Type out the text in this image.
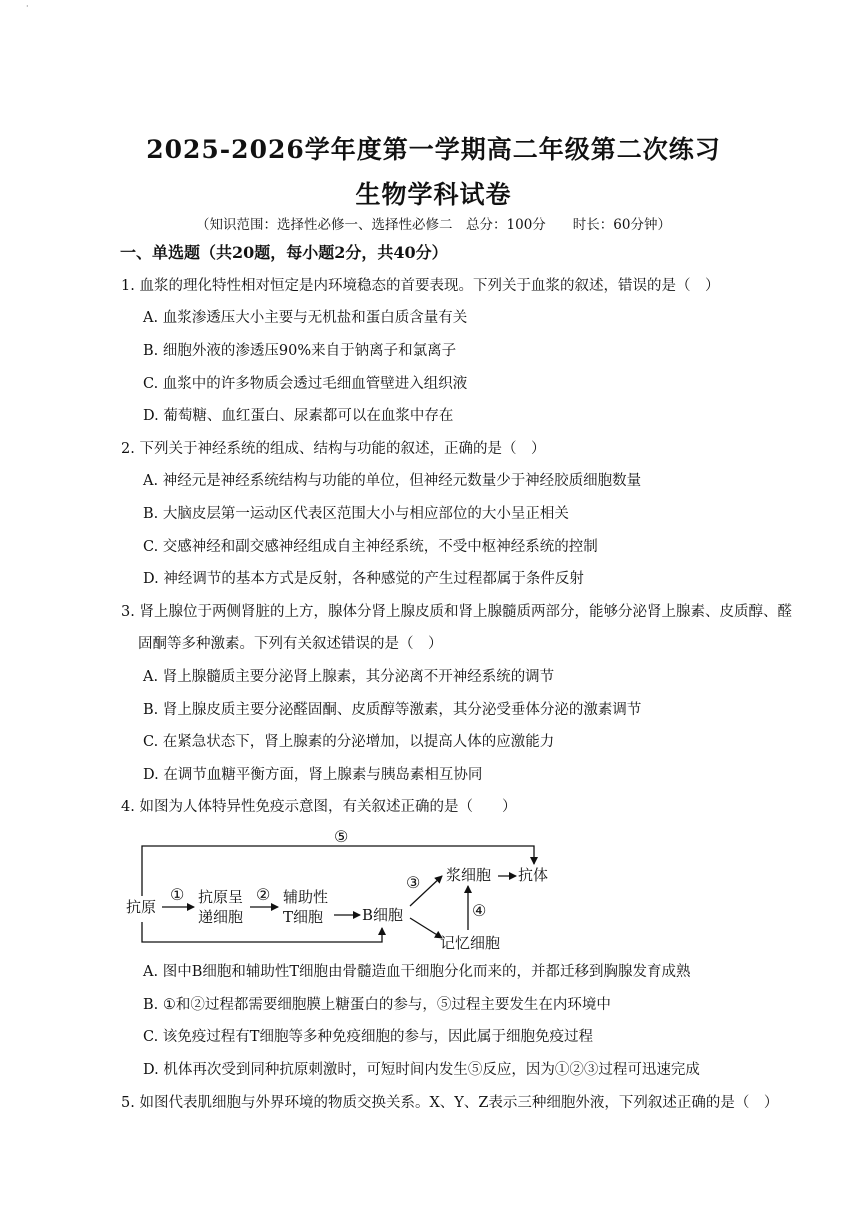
·
2025-2026学年度第一学期高二年级第二次练习
生物学科试卷
（知识范围：选择性必修一、选择性必修二　总分：100分　　时长：60分钟）
一、单选题（共20题，每小题2分，共40分）
1. 血浆的理化特性相对恒定是内环境稳态的首要表现。下列关于血浆的叙述，错误的是（　）
A. 血浆渗透压大小主要与无机盐和蛋白质含量有关
B. 细胞外液的渗透压90%来自于钠离子和氯离子
C. 血浆中的许多物质会透过毛细血管壁进入组织液
D. 葡萄糖、血红蛋白、尿素都可以在血浆中存在
2. 下列关于神经系统的组成、结构与功能的叙述，正确的是（　）
A. 神经元是神经系统结构与功能的单位，但神经元数量少于神经胶质细胞数量
B. 大脑皮层第一运动区代表区范围大小与相应部位的大小呈正相关
C. 交感神经和副交感神经组成自主神经系统，不受中枢神经系统的控制
D. 神经调节的基本方式是反射，各种感觉的产生过程都属于条件反射
3. 肾上腺位于两侧肾脏的上方，腺体分肾上腺皮质和肾上腺髓质两部分，能够分泌肾上腺素、皮质醇、醛
固酮等多种激素。下列有关叙述错误的是（　）
A. 肾上腺髓质主要分泌肾上腺素，其分泌离不开神经系统的调节
B. 肾上腺皮质主要分泌醛固酮、皮质醇等激素，其分泌受垂体分泌的激素调节
C. 在紧急状态下，肾上腺素的分泌增加，以提高人体的应激能力
D. 在调节血糖平衡方面，肾上腺素与胰岛素相互协同
4. 如图为人体特异性免疫示意图，有关叙述正确的是（　　）
⑤
抗原
① 抗原呈
递细胞
② 辅助性
T细胞	B细胞
③ 浆细胞 抗体
④
记忆细胞
A. 图中B细胞和辅助性T细胞由骨髓造血干细胞分化而来的，并都迁移到胸腺发育成熟
B. ①和②过程都需要细胞膜上糖蛋白的参与，⑤过程主要发生在内环境中
C. 该免疫过程有T细胞等多种免疫细胞的参与，因此属于细胞免疫过程
D. 机体再次受到同种抗原刺激时，可短时间内发生⑤反应，因为①②③过程可迅速完成
5. 如图代表肌细胞与外界环境的物质交换关系。X、Y、Z表示三种细胞外液，下列叙述正确的是（　）
